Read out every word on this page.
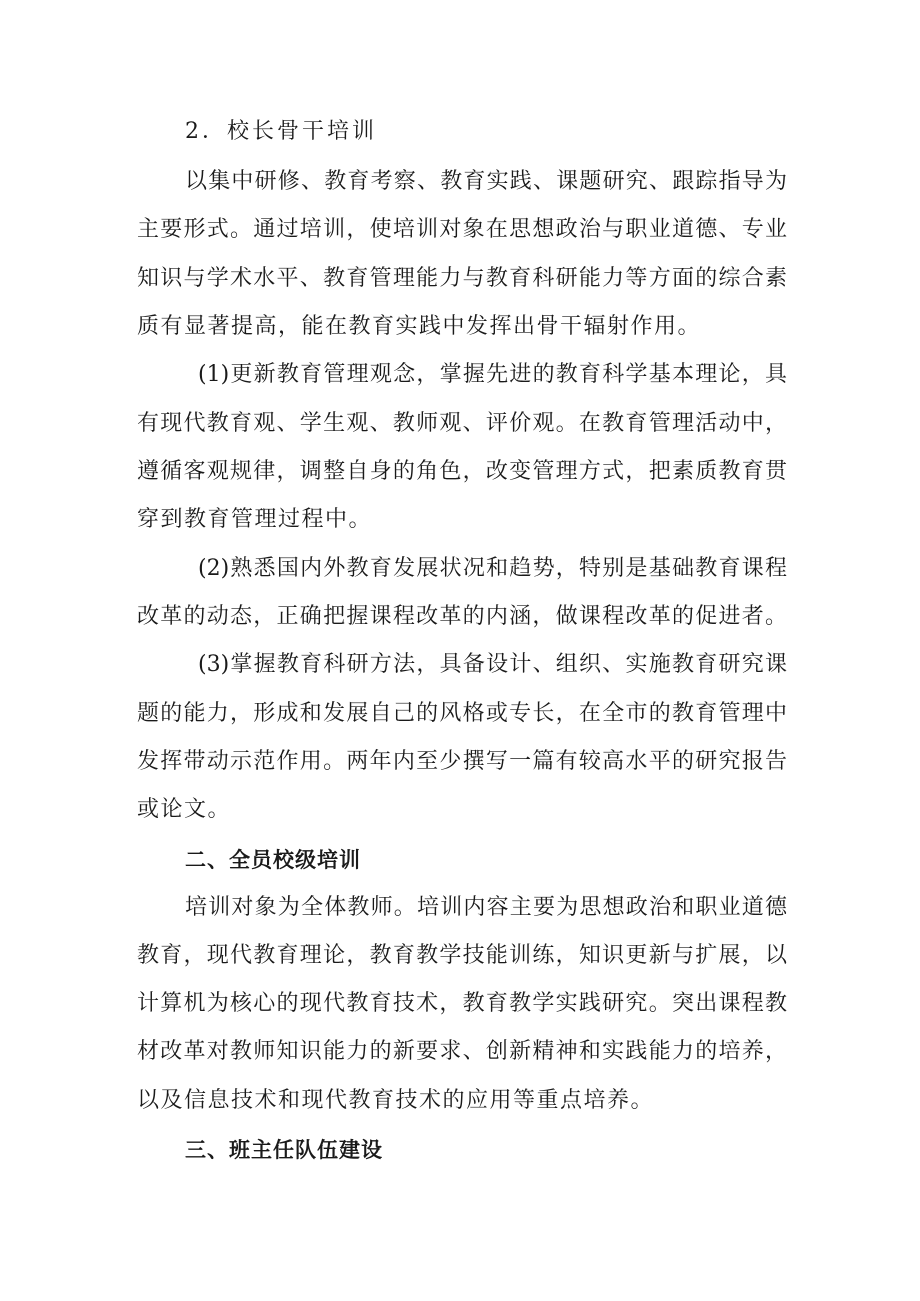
2．校长骨干培训

以集中研修、教育考察、教育实践、课题研究、跟踪指导为

主要形式。通过培训，使培训对象在思想政治与职业道德、专业

知识与学术水平、教育管理能力与教育科研能力等方面的综合素

质有显著提高，能在教育实践中发挥出骨干辐射作用。

(1)更新教育管理观念，掌握先进的教育科学基本理论，具

有现代教育观、学生观、教师观、评价观。在教育管理活动中，

遵循客观规律，调整自身的角色，改变管理方式，把素质教育贯

穿到教育管理过程中。

(2)熟悉国内外教育发展状况和趋势，特别是基础教育课程

改革的动态，正确把握课程改革的内涵，做课程改革的促进者。

(3)掌握教育科研方法，具备设计、组织、实施教育研究课

题的能力，形成和发展自己的风格或专长，在全市的教育管理中

发挥带动示范作用。两年内至少撰写一篇有较高水平的研究报告

或论文。

二、全员校级培训

培训对象为全体教师。培训内容主要为思想政治和职业道德

教育，现代教育理论，教育教学技能训练，知识更新与扩展，以

计算机为核心的现代教育技术，教育教学实践研究。突出课程教

材改革对教师知识能力的新要求、创新精神和实践能力的培养，

以及信息技术和现代教育技术的应用等重点培养。

三、班主任队伍建设
